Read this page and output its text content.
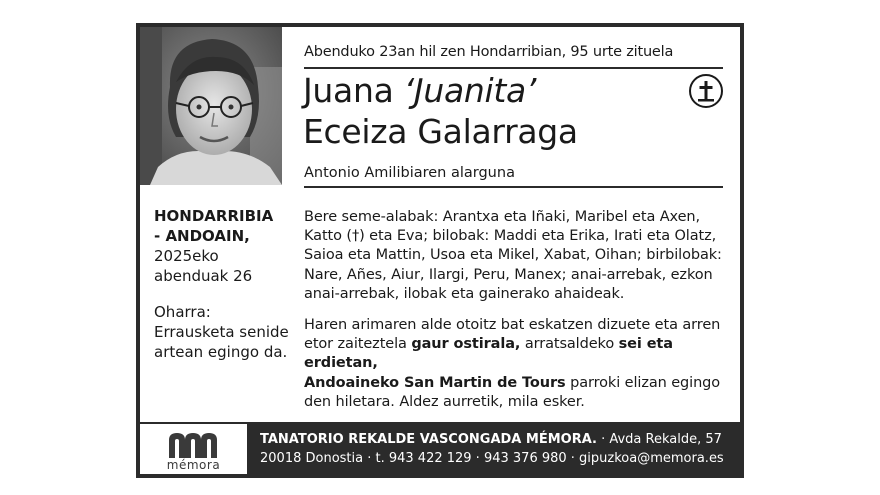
Abenduko 23an hil zen Hondarribian, 95 urte zituela
Juana ‘Juanita’
Eceiza Galarraga
Antonio Amilibiaren alarguna

HONDARRIBIA

- ANDOAIN,

2025eko

abenduak 26

Oharra:

Errausketa senide

artean egingo da.

Bere seme-alabak: Arantxa eta Iñaki, Maribel eta Axen,

Katto (†) eta Eva; bilobak: Maddi eta Erika, Irati eta Olatz,

Saioa eta Mattin, Usoa eta Mikel, Xabat, Oihan; birbilobak:

Nare, Añes, Aiur, Ilargi, Peru, Manex; anai-arrebak, ezkon

anai-arrebak, ilobak eta gainerako ahaideak.

Haren arimaren alde otoitz bat eskatzen dizuete eta arren

etor zaiteztela gaur ostirala, arratsaldeko sei eta erdietan,

Andoaineko San Martin de Tours parroki elizan egingo

den hiletara. Aldez aurretik, mila esker.

mémora
TANATORIO REKALDE VASCONGADA MÉMORA. · Avda Rekalde, 57
20018 Donostia · t. 943 422 129 · 943 376 980 · gipuzkoa@memora.es
